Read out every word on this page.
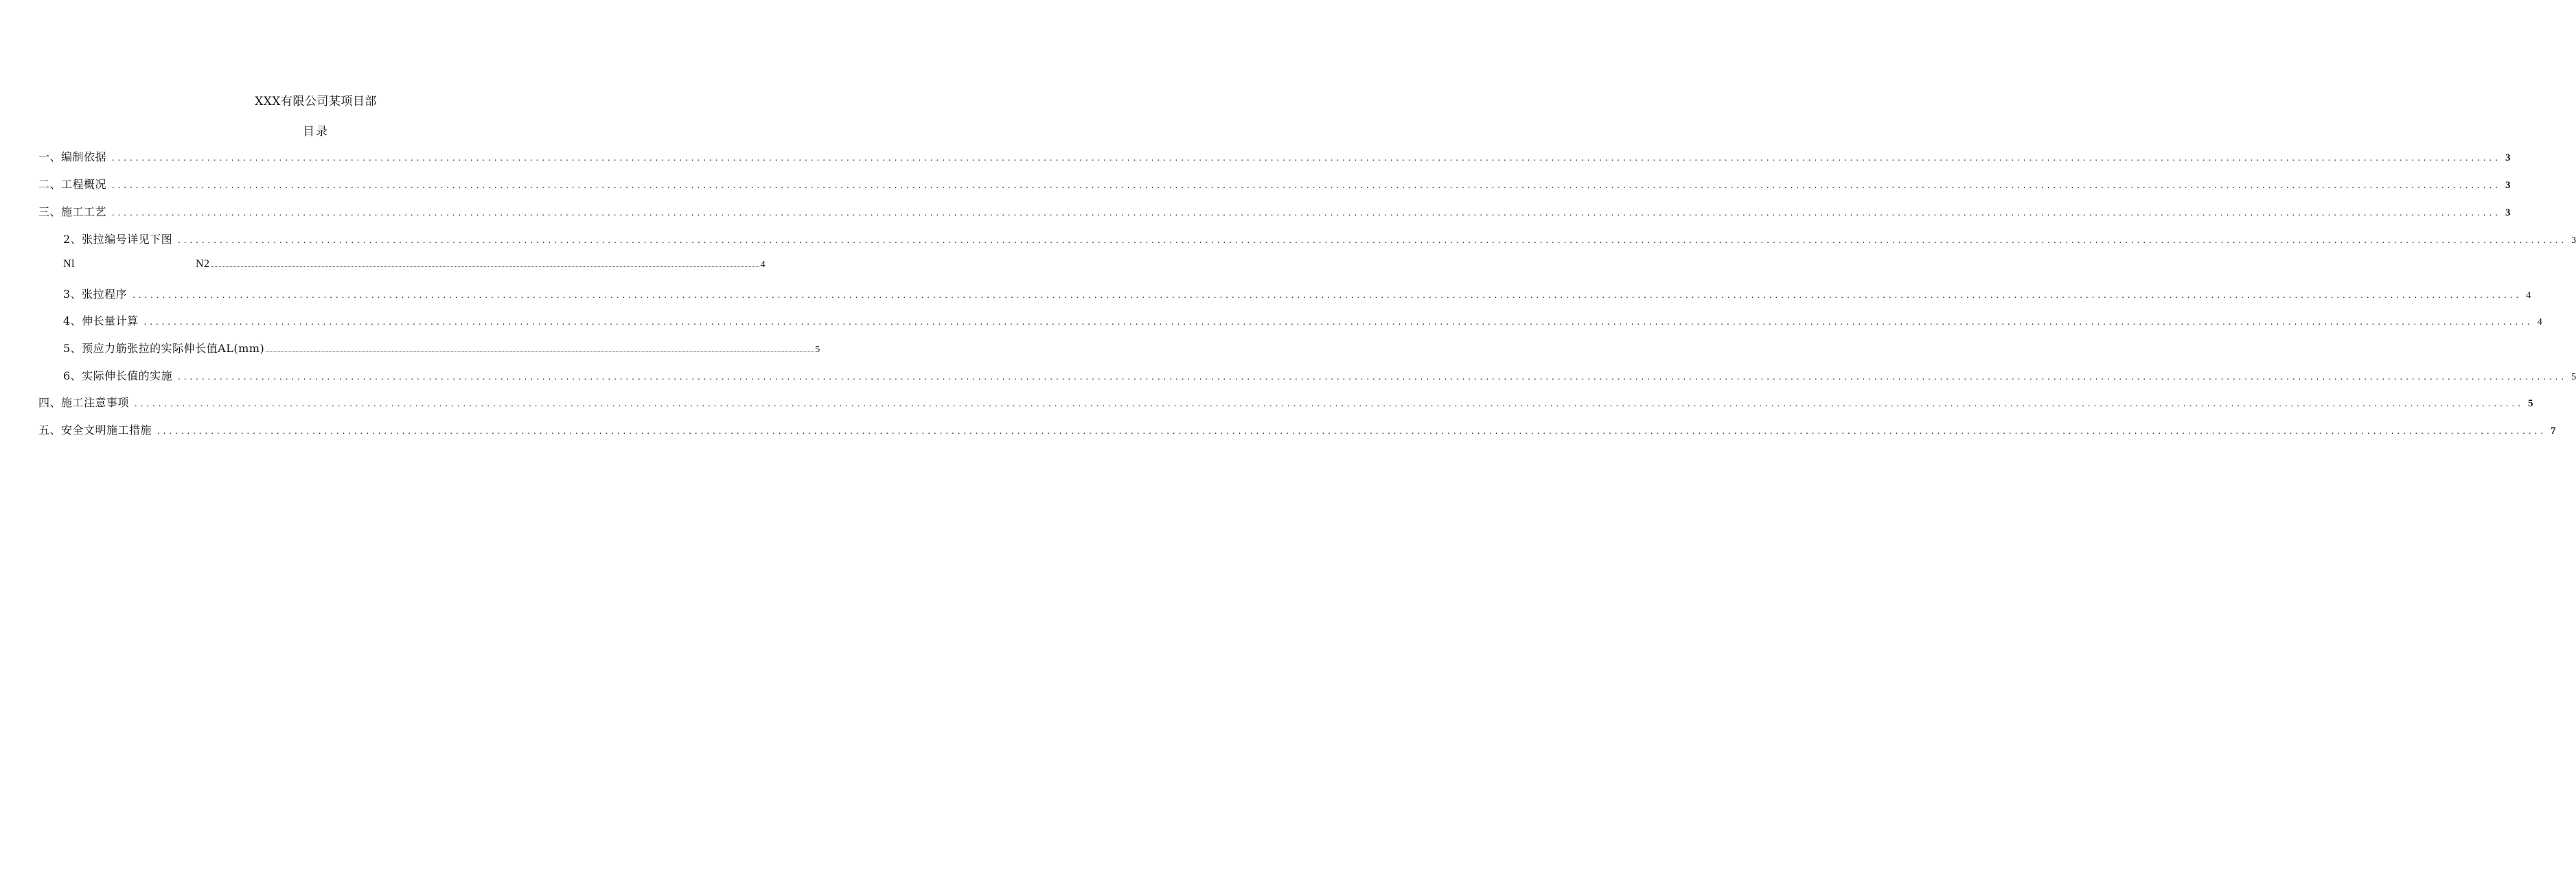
XXX有限公司某项目部
目录
一、编制依据 ................................................................................................................................................................................................................................................................................................................................................................................................................ 3
二、工程概况 ................................................................................................................................................................................................................................................................................................................................................................................................................ 3
三、施工工艺 ................................................................................................................................................................................................................................................................................................................................................................................................................ 3
2、张拉编号详见下图 ................................................................................................................................................................................................................................................................................................................................................................................................................ 3
Nl	N2 ................................................................................................................................................................................................................................................................................................................................................................................................................ 4
3、张拉程序 ................................................................................................................................................................................................................................................................................................................................................................................................................ 4
4、伸长量计算 ................................................................................................................................................................................................................................................................................................................................................................................................................ 4
5、预应力筋张拉的实际伸长值AL(mm) ................................................................................................................................................................................................................................................................................................................................................................................................................ 5
6、实际伸长值的实施 ................................................................................................................................................................................................................................................................................................................................................................................................................ 5
四、施工注意事项 ................................................................................................................................................................................................................................................................................................................................................................................................................ 5
五、安全文明施工措施 ................................................................................................................................................................................................................................................................................................................................................................................................................ 7
